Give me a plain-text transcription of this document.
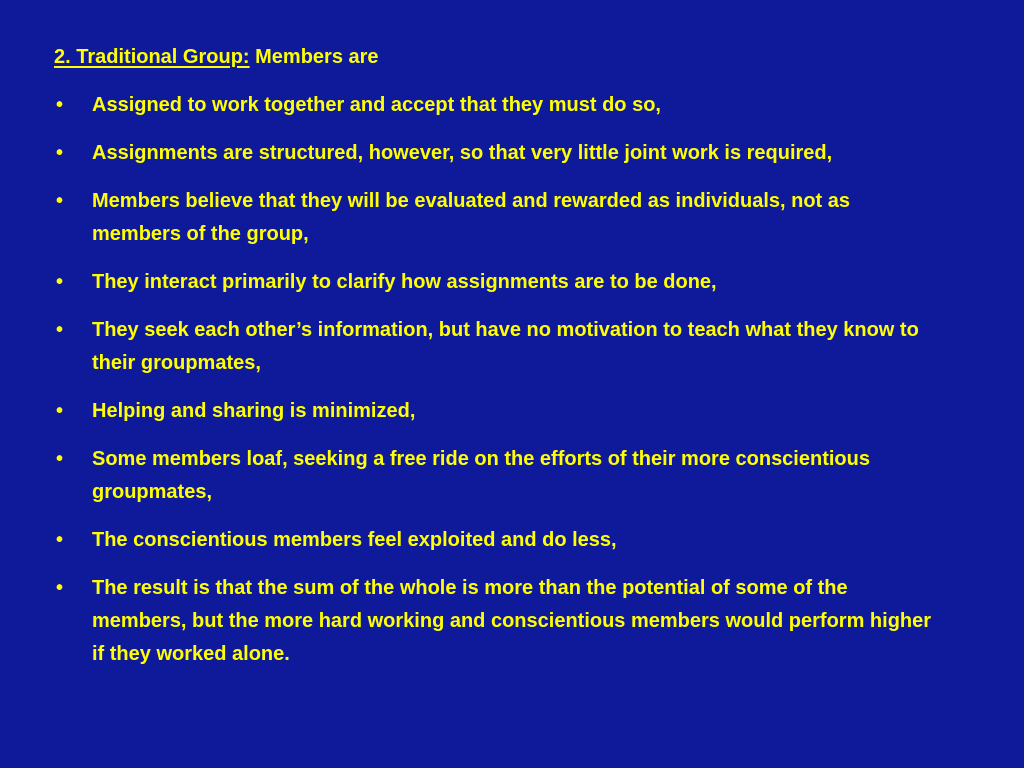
2. Traditional Group: Members are

•	Assigned to work together and accept that they must do so,
•	Assignments are structured, however, so that very little joint work is required,
•	Members believe that they will be evaluated and rewarded as individuals, not as members of the group,
•	They interact primarily to clarify how assignments are to be done,
•	They seek each other’s information, but have no motivation to teach what they know to their groupmates,
•	Helping and sharing is minimized,
•	Some members loaf, seeking a free ride on the efforts of their more conscientious groupmates,
•	The conscientious members feel exploited and do less,
•	The result is that the sum of the whole is more than the potential of some of the members, but the more hard working and conscientious members would perform higher if they worked alone.
